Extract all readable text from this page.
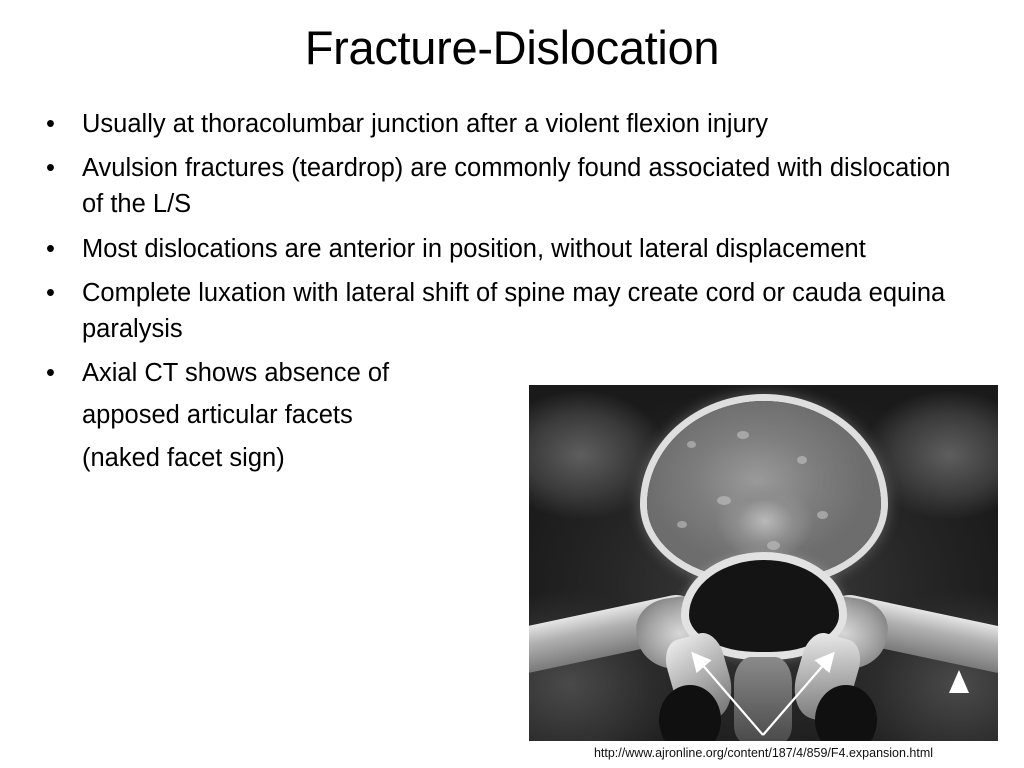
Fracture-Dislocation
• Usually at thoracolumbar junction after a violent flexion injury
• Avulsion fractures (teardrop) are commonly found associated with dislocation of the L/S
• Most dislocations are anterior in position, without lateral displacement
• Complete luxation with lateral shift of spine may create cord or cauda equina paralysis
• Axial CT shows absence of
apposed articular facets
(naked facet sign)
http://www.ajronline.org/content/187/4/859/F4.expansion.html
